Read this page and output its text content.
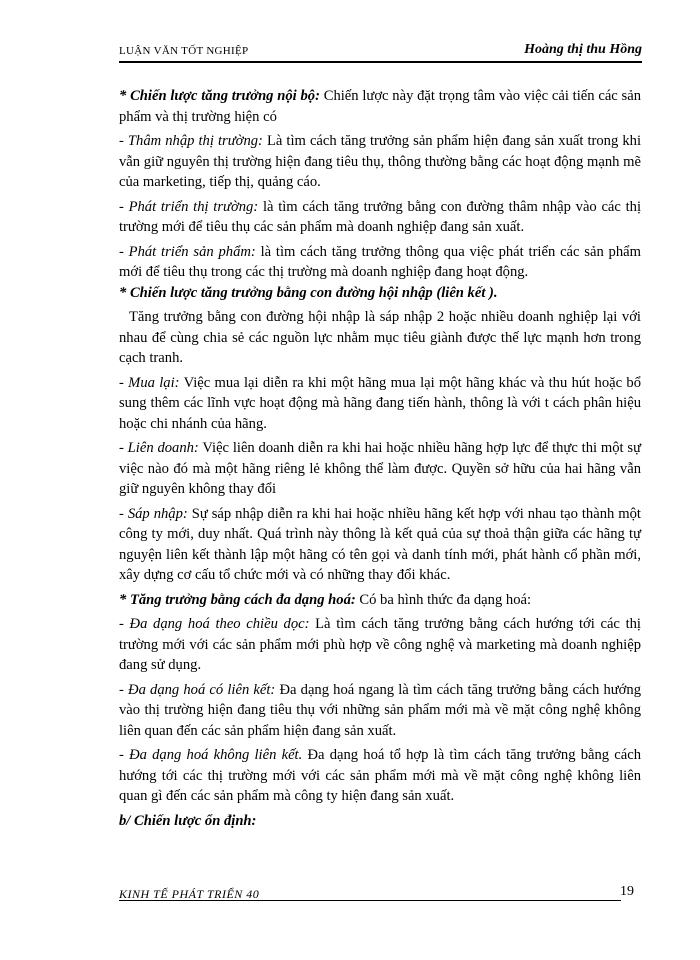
LUẬN VĂN TỐT NGHIỆP	Hoàng thị thu Hồng

* Chiến lược tăng trưởng nội bộ: Chiến lược này đặt trọng tâm vào việc cải tiến các sản phẩm và thị trường hiện có

- Thâm nhập thị trường: Là tìm cách tăng trưởng sản phẩm hiện đang sản xuất trong khi vẫn giữ nguyên thị trường hiện đang tiêu thụ, thông thường bằng các hoạt động mạnh mẽ của marketing, tiếp thị, quảng cáo.

- Phát triển thị trường: là tìm cách tăng trưởng bằng con đường thâm nhập vào các thị trường mới để tiêu thụ các sản phẩm mà doanh nghiệp đang sản xuất.

- Phát triển sản phẩm: là tìm cách tăng trưởng thông qua việc phát triển các sản phẩm mới để tiêu thụ trong các thị trường mà doanh nghiệp đang hoạt động.

* Chiến lược tăng trưởng bằng con đường hội nhập (liên kết ).

Tăng trưởng bằng con đường hội nhập là sáp nhập 2 hoặc nhiều doanh nghiệp lại với nhau để cùng chia sẻ các nguồn lực nhằm mục tiêu giành được thế lực mạnh hơn trong cạch tranh.

- Mua lại: Việc mua lại diễn ra khi một hãng mua lại một hãng khác và thu hút hoặc bổ sung thêm các lĩnh vực hoạt động mà hãng đang tiến hành, thông là với t cách phân hiệu hoặc chi nhánh của hãng.

- Liên doanh: Việc liên doanh diễn ra khi hai hoặc nhiều hãng hợp lực để thực thi một sự việc nào đó mà một hãng riêng lẻ không thể làm được. Quyền sở hữu của hai hãng vẫn giữ nguyên không thay đổi

- Sáp nhập: Sự sáp nhập diễn ra khi hai hoặc nhiều hãng kết hợp với nhau tạo thành một công ty mới, duy nhất. Quá trình này thông là kết quả của sự thoả thận giữa các hãng tự nguyện liên kết thành lập một hãng có tên gọi và danh tính mới, phát hành cổ phần mới, xây dựng cơ cấu tổ chức mới và có những thay đổi khác.

* Tăng trưởng bằng cách đa dạng hoá: Có ba hình thức đa dạng hoá:

- Đa dạng hoá theo chiều dọc: Là tìm cách tăng trưởng bằng cách hướng tới các thị trường mới với các sản phẩm mới phù hợp về công nghệ và marketing mà doanh nghiệp đang sử dụng.

- Đa dạng hoá có liên kết: Đa dạng hoá ngang là tìm cách tăng trưởng bằng cách hướng vào thị trường hiện đang tiêu thụ với những sản phẩm mới mà về mặt công nghệ không liên quan đến các sản phẩm hiện đang sản xuất.

- Đa dạng hoá không liên kết. Đa dạng hoá tổ hợp là tìm cách tăng trưởng bằng cách hướng tới các thị trường mới với các sản phẩm mới mà về mặt công nghệ không liên quan gì đến các sản phẩm mà công ty hiện đang sản xuất.

b/ Chiến lược ổn định:

KINH TẾ PHÁT TRIỂN 40	19
